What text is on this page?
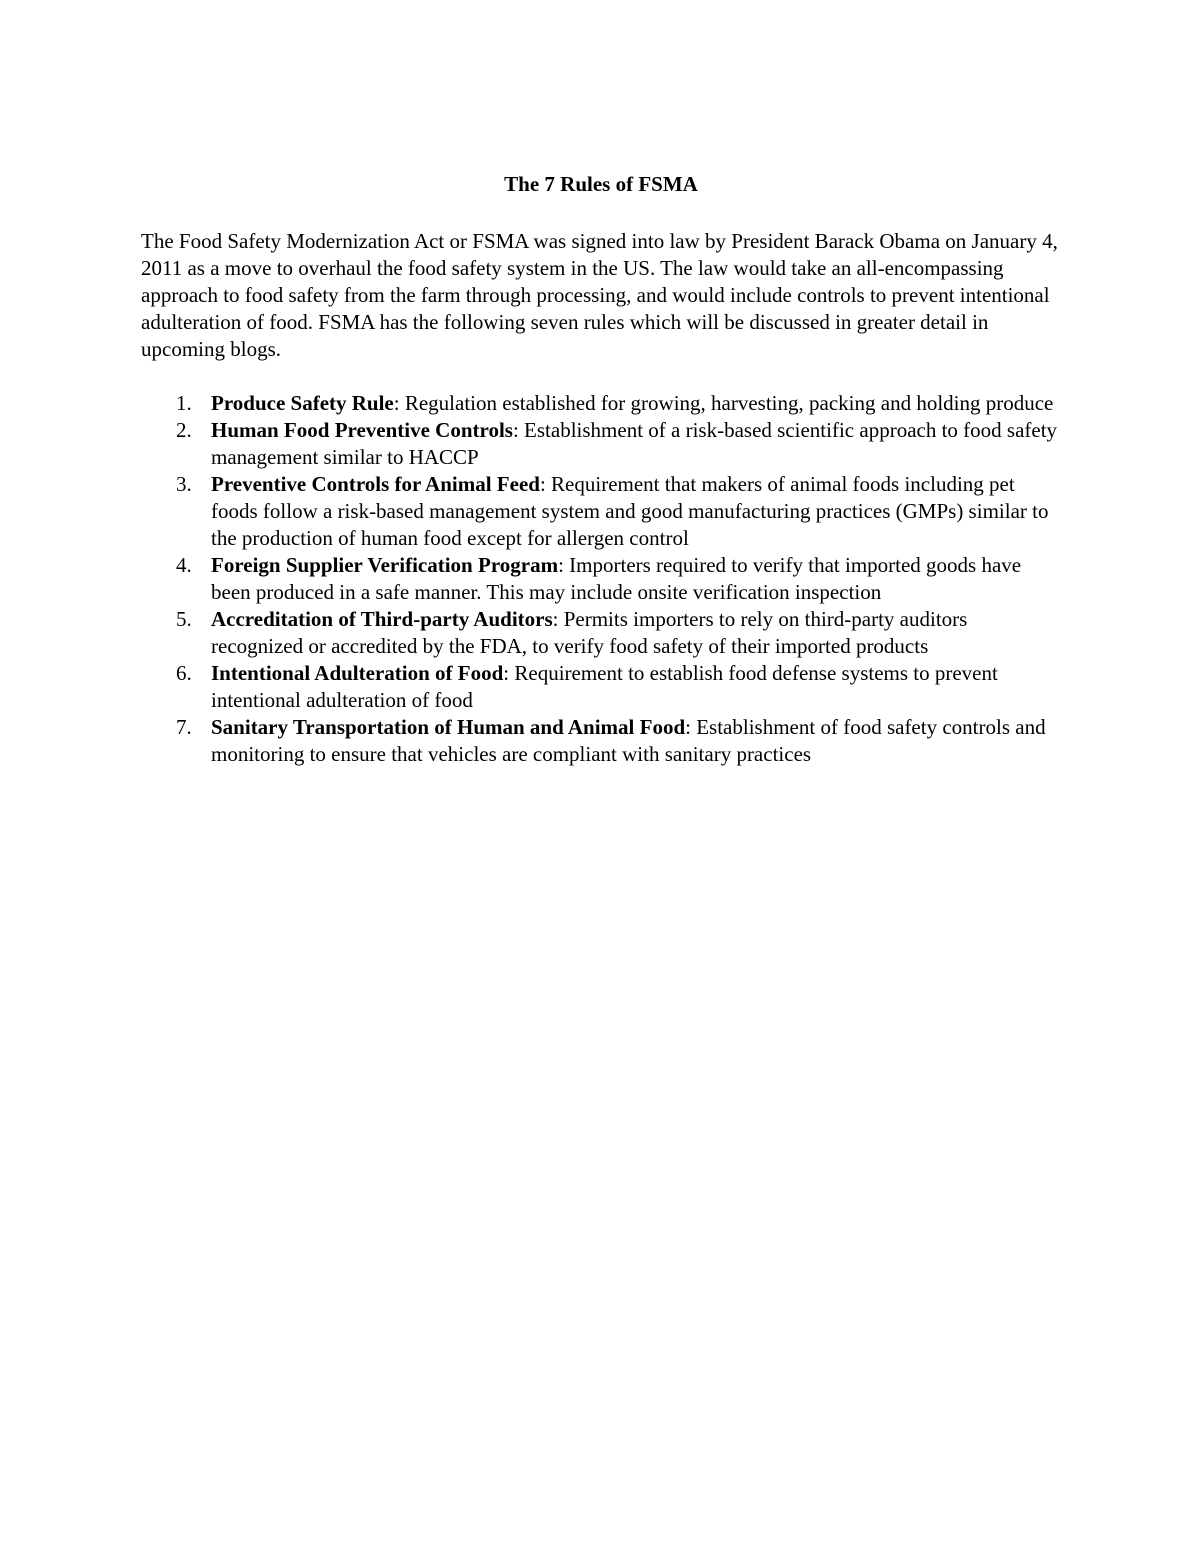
The 7 Rules of FSMA

The Food Safety Modernization Act or FSMA was signed into law by President Barack Obama on January 4, 2011 as a move to overhaul the food safety system in the US. The law would take an all-encompassing approach to food safety from the farm through processing, and would include controls to prevent intentional adulteration of food. FSMA has the following seven rules which will be discussed in greater detail in upcoming blogs.

1. Produce Safety Rule: Regulation established for growing, harvesting, packing and holding produce
2. Human Food Preventive Controls: Establishment of a risk-based scientific approach to food safety management similar to HACCP
3. Preventive Controls for Animal Feed: Requirement that makers of animal foods including pet foods follow a risk-based management system and good manufacturing practices (GMPs) similar to the production of human food except for allergen control
4. Foreign Supplier Verification Program: Importers required to verify that imported goods have been produced in a safe manner. This may include onsite verification inspection
5. Accreditation of Third-party Auditors: Permits importers to rely on third-party auditors recognized or accredited by the FDA, to verify food safety of their imported products
6. Intentional Adulteration of Food: Requirement to establish food defense systems to prevent intentional adulteration of food
7. Sanitary Transportation of Human and Animal Food: Establishment of food safety controls and monitoring to ensure that vehicles are compliant with sanitary practices
